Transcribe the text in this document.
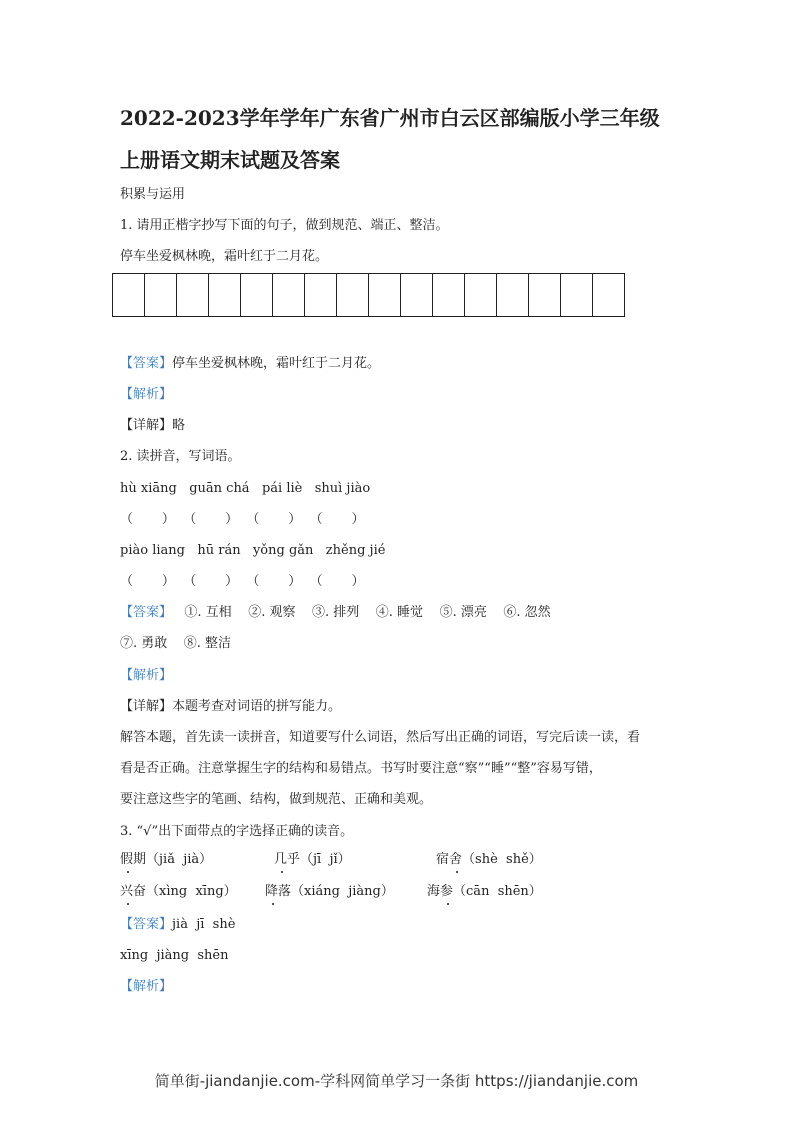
2022-2023学年学年广东省广州市白云区部编版小学三年级
上册语文期末试题及答案
积累与运用
1. 请用正楷字抄写下面的句子，做到规范、端正、整洁。
停车坐爱枫林晚，霜叶红于二月花。
【答案】停车坐爱枫林晚，霜叶红于二月花。
【解析】
【详解】略
2. 读拼音，写词语。
hù xiāng   guān chá   pái liè   shuì jiào
（       ）  （       ）  （       ）  （       ）
piào liang   hū rán   yǒng gǎn   zhěng jié
（       ）  （       ）  （       ）  （       ）
【答案】   ①. 互相    ②. 观察    ③. 排列    ④. 睡觉    ⑤. 漂亮    ⑥. 忽然
⑦. 勇敢    ⑧. 整洁
【解析】
【详解】本题考查对词语的拼写能力。
解答本题，首先读一读拼音，知道要写什么词语，然后写出正确的词语，写完后读一读，看
看是否正确。注意掌握生字的结构和易错点。书写时要注意“察”“睡”“整”容易写错，
要注意这些字的笔画、结构，做到规范、正确和美观。
3. “√”出下面带点的字选择正确的读音。
假期（jiǎ  jià）	几乎（jī  jǐ）	宿舍（shè  shě）
兴奋（xìng  xīng） 降落（xiáng  jiàng）	海参（cān  shēn）
【答案】jià  jī  shè
xīng  jiàng  shēn
【解析】
简单街-jiandanjie.com-学科网简单学习一条街 https://jiandanjie.com
